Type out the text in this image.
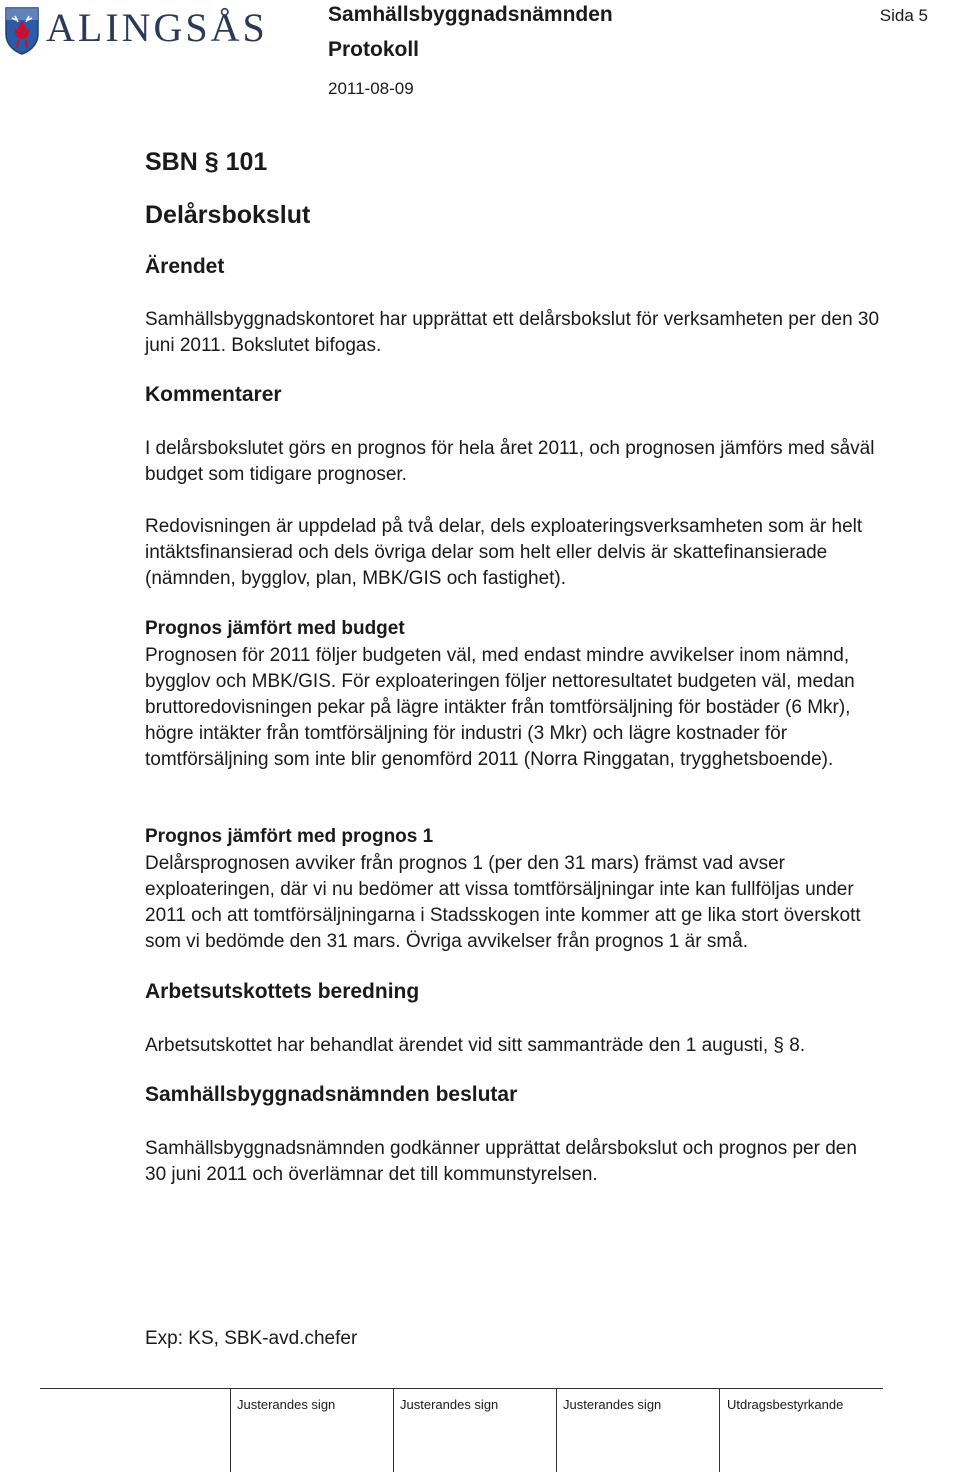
ALINGSÅS	Samhällsbyggnadsnämnden
Protokoll
2011-08-09
Sida 5
SBN § 101
Delårsbokslut
Ärendet
Samhällsbyggnadskontoret har upprättat ett delårsbokslut för verksamheten per den 30 juni 2011. Bokslutet bifogas.
Kommentarer
I delårsbokslutet görs en prognos för hela året 2011, och prognosen jämförs med såväl budget som tidigare prognoser.
Redovisningen är uppdelad på två delar, dels exploateringsverksamheten som är helt intäktsfinansierad och dels övriga delar som helt eller delvis är skattefinansierade (nämnden, bygglov, plan, MBK/GIS och fastighet).
Prognos jämfört med budget
Prognosen för 2011 följer budgeten väl, med endast mindre avvikelser inom nämnd, bygglov och MBK/GIS. För exploateringen följer nettoresultatet budgeten väl, medan bruttoredovisningen pekar på lägre intäkter från tomtförsäljning för bostäder (6 Mkr), högre intäkter från tomtförsäljning för industri (3 Mkr) och lägre kostnader för tomtförsäljning som inte blir genomförd 2011 (Norra Ringgatan, trygghetsboende).
Prognos jämfört med prognos 1
Delårsprognosen avviker från prognos 1 (per den 31 mars) främst vad avser exploateringen, där vi nu bedömer att vissa tomtförsäljningar inte kan fullföljas under 2011 och att tomtförsäljningarna i Stadsskogen inte kommer att ge lika stort överskott som vi bedömde den 31 mars. Övriga avvikelser från prognos 1 är små.
Arbetsutskottets beredning
Arbetsutskottet har behandlat ärendet vid sitt sammanträde den 1 augusti, § 8.
Samhällsbyggnadsnämnden beslutar
Samhällsbyggnadsnämnden godkänner upprättat delårsbokslut och prognos per den 30 juni 2011 och överlämnar det till kommunstyrelsen.
Exp: KS, SBK-avd.chefer
Justerandes sign	Justerandes sign	Justerandes sign	Utdragsbestyrkande
